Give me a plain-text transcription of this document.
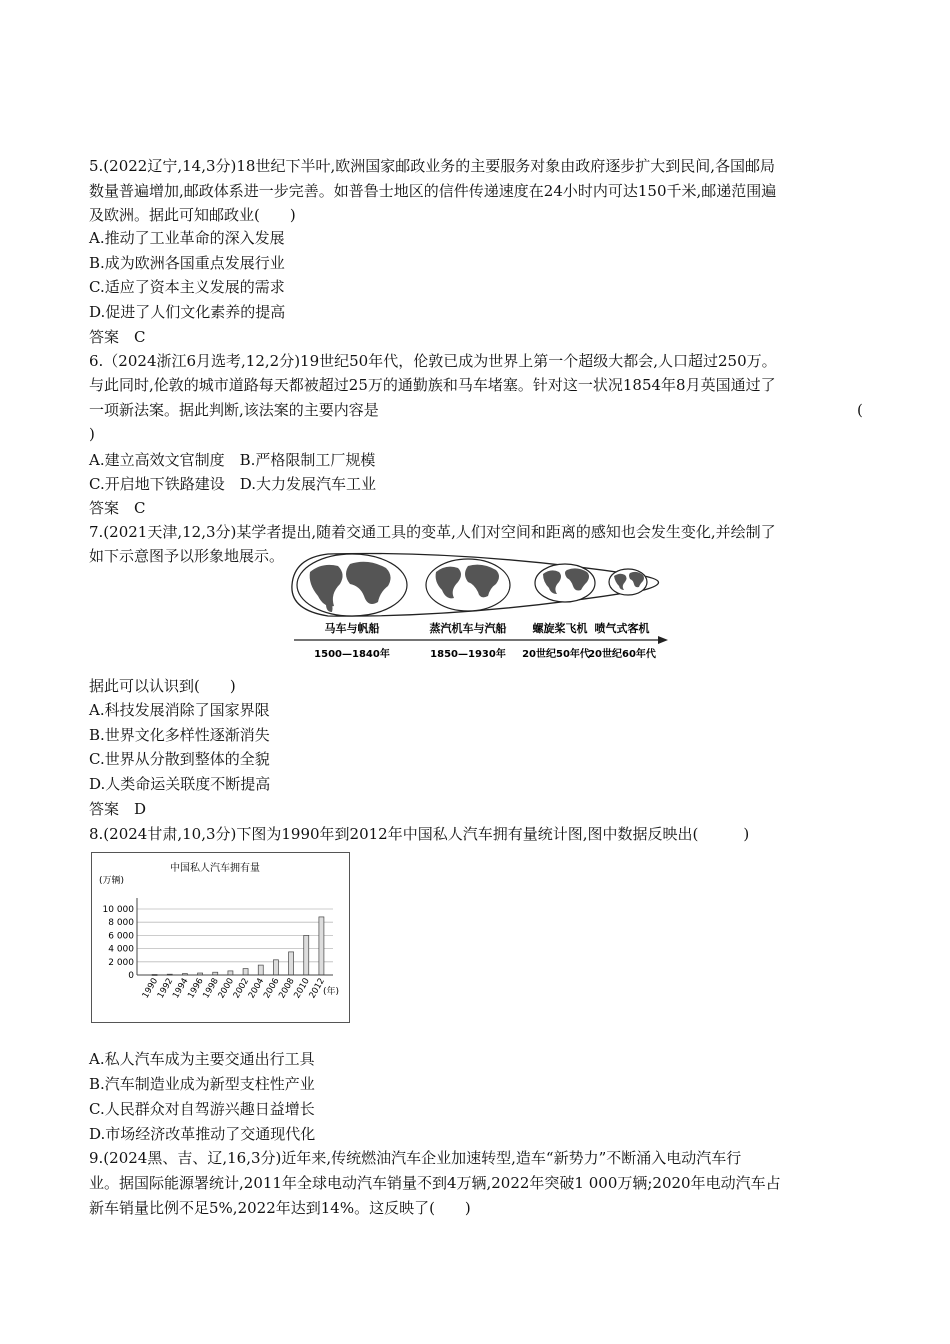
5.(2022辽宁,14,3分)18世纪下半叶,欧洲国家邮政业务的主要服务对象由政府逐步扩大到民间,各国邮局
数量普遍增加,邮政体系进一步完善。如普鲁士地区的信件传递速度在24小时内可达150千米,邮递范围遍
及欧洲。据此可知邮政业(　　)
A.推动了工业革命的深入发展
B.成为欧洲各国重点发展行业
C.适应了资本主义发展的需求
D.促进了人们文化素养的提高
答案　C
6.（2024浙江6月选考,12,2分)19世纪50年代，伦敦已成为世界上第一个超级大都会,人口超过250万。
与此同时,伦敦的城市道路每天都被超过25万的通勤族和马车堵塞。针对这一状况1854年8月英国通过了
一项新法案。据此判断,该法案的主要内容是	(
)
A.建立高效文官制度　B.严格限制工厂规模
C.开启地下铁路建设　D.大力发展汽车工业
答案　C
7.(2021天津,12,3分)某学者提出,随着交通工具的变革,人们对空间和距离的感知也会发生变化,并绘制了
如下示意图予以形象地展示。
马车与帆船	蒸汽机车与汽船 螺旋桨飞机 喷气式客机
1500—1840年	1850—1930年 20世纪50年代
20世纪60年代
据此可以认识到(　　)
A.科技发展消除了国家界限
B.世界文化多样性逐渐消失
C.世界从分散到整体的全貌
D.人类命运关联度不断提高
答案　D
8.(2024甘肃,10,3分)下图为1990年到2012年中国私人汽车拥有量统计图,图中数据反映出(　　　)
中国私人汽车拥有量
(万辆)
0
2 000
4 000
6 000
8 000
10 000
1990
1992
1994
1996
1998
2000
2002
2004
2006
2008
2010
2012
(年)
A.私人汽车成为主要交通出行工具
B.汽车制造业成为新型支柱性产业
C.人民群众对自驾游兴趣日益增长
D.市场经济改革推动了交通现代化
9.(2024黑、吉、辽,16,3分)近年来,传统燃油汽车企业加速转型,造车“新势力”不断涌入电动汽车行
业。据国际能源署统计,2011年全球电动汽车销量不到4万辆,2022年突破1 000万辆;2020年电动汽车占
新车销量比例不足5%,2022年达到14%。这反映了(　　)
